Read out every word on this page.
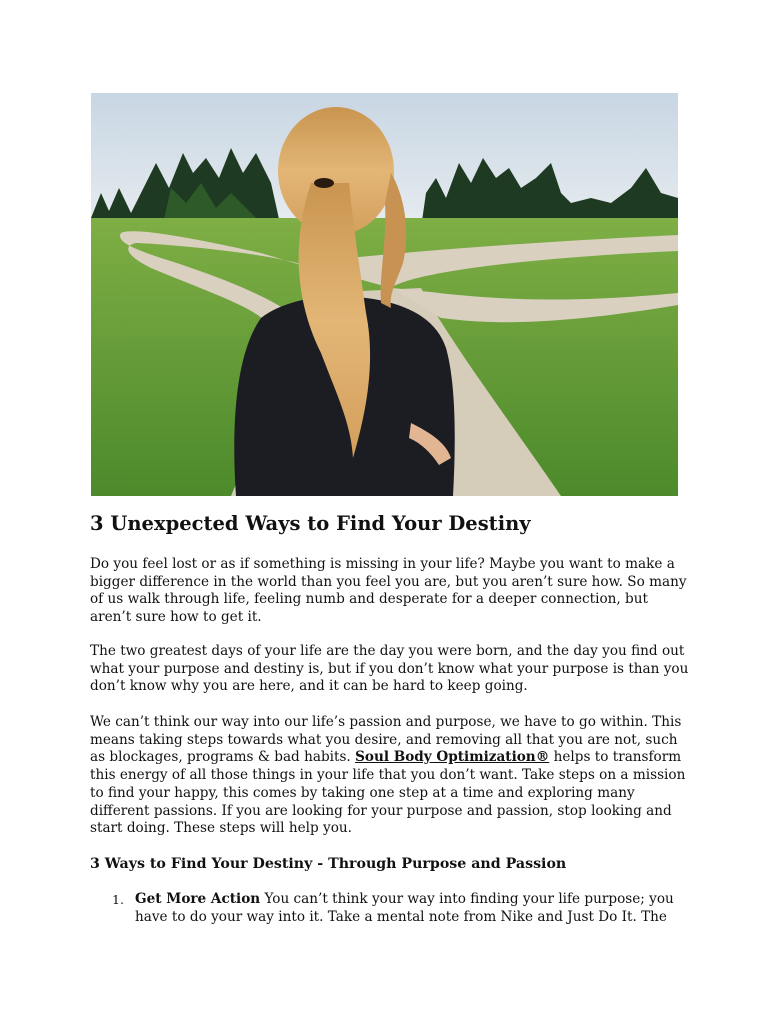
3 Unexpected Ways to Find Your Destiny

Do you feel lost or as if something is missing in your life? Maybe you want to make a bigger difference in the world than you feel you are, but you aren’t sure how. So many of us walk through life, feeling numb and desperate for a deeper connection, but aren’t sure how to get it.

The two greatest days of your life are the day you were born, and the day you find out what your purpose and destiny is, but if you don’t know what your purpose is than you don’t know why you are here, and it can be hard to keep going.

We can’t think our way into our life’s passion and purpose, we have to go within. This means taking steps towards what you desire, and removing all that you are not, such as blockages, programs & bad habits. Soul Body Optimization® helps to transform this energy of all those things in your life that you don’t want. Take steps on a mission to find your happy, this comes by taking one step at a time and exploring many different passions. If you are looking for your purpose and passion, stop looking and start doing. These steps will help you.

3 Ways to Find Your Destiny - Through Purpose and Passion
1. Get More Action You can’t think your way into finding your life purpose; you have to do your way into it. Take a mental note from Nike and Just Do It. The
